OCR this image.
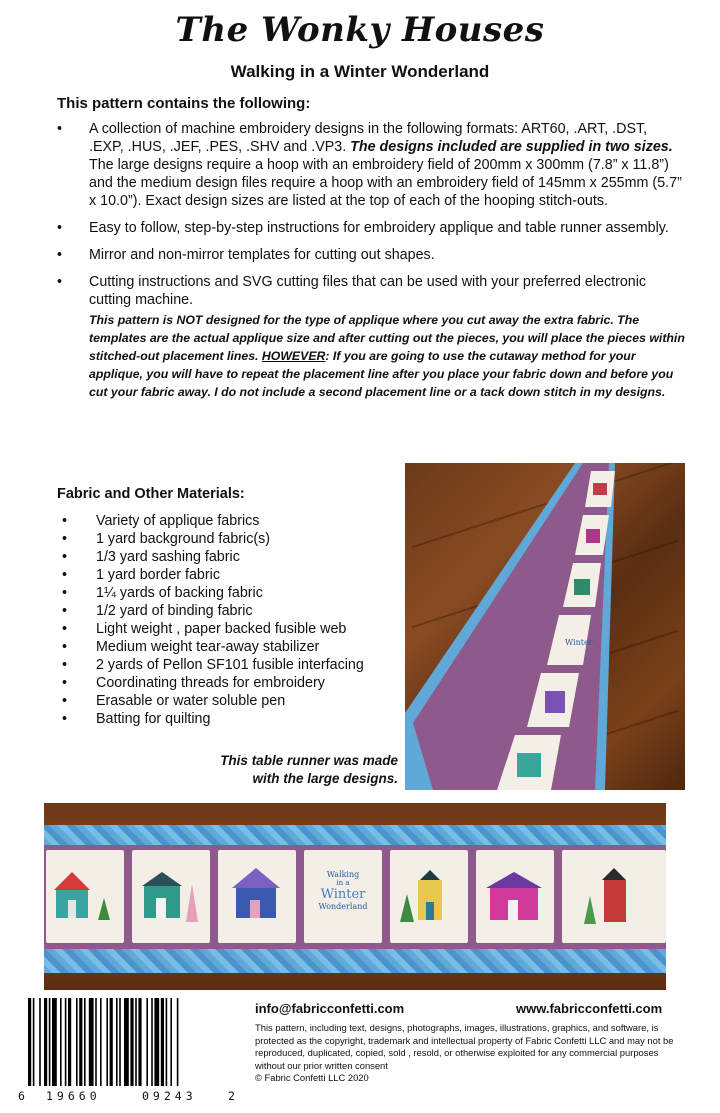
The Wonky Houses
Walking in a Winter Wonderland
This pattern contains the following:
• A collection of machine embroidery designs in the following formats: ART60, .ART, .DST, .EXP, .HUS, .JEF, .PES, .SHV and .VP3. The designs included are supplied in two sizes. The large designs require a hoop with an embroidery field of 200mm x 300mm (7.8” x 11.8”) and the medium design files require a hoop with an embroidery field of 145mm x 255mm (5.7” x 10.0”). Exact design sizes are listed at the top of each of the hooping stitch-outs.
• Easy to follow, step-by-step instructions for embroidery applique and table runner assembly.
• Mirror and non-mirror templates for cutting out shapes.
• Cutting instructions and SVG cutting files that can be used with your preferred electronic cutting machine.
This pattern is NOT designed for the type of applique where you cut away the extra fabric. The templates are the actual applique size and after cutting out the pieces, you will place the pieces within stitched-out placement lines. HOWEVER: If you are going to use the cutaway method for your applique, you will have to repeat the placement line after you place your fabric down and before you cut your fabric away. I do not include a second placement line or a tack down stitch in my designs.
Fabric and Other Materials:
• Variety of applique fabrics
• 1 yard background fabric(s)
• 1/3 yard sashing fabric
• 1 yard border fabric
• 1¼ yards of backing fabric
• 1/2 yard of binding fabric
• Light weight , paper backed fusible web
• Medium weight tear-away stabilizer
• 2 yards of Pellon SF101 fusible interfacing
• Coordinating threads for embroidery
• Erasable or water soluble pen
• Batting for quilting
This table runner was made
with the large designs.
Winter
Walking
in a
Winter
Wonderland
6 19660	09243	2
info@fabricconfetti.com	www.fabricconfetti.com
This pattern, including text, designs, photographs, images, illustrations, graphics, and software, is protected as the copyright, trademark and intellectual property of Fabric Confetti LLC and may not be reproduced, duplicated, copied, sold , resold, or otherwise exploited for any commercial purposes without our prior written consent
© Fabric Confetti LLC 2020
